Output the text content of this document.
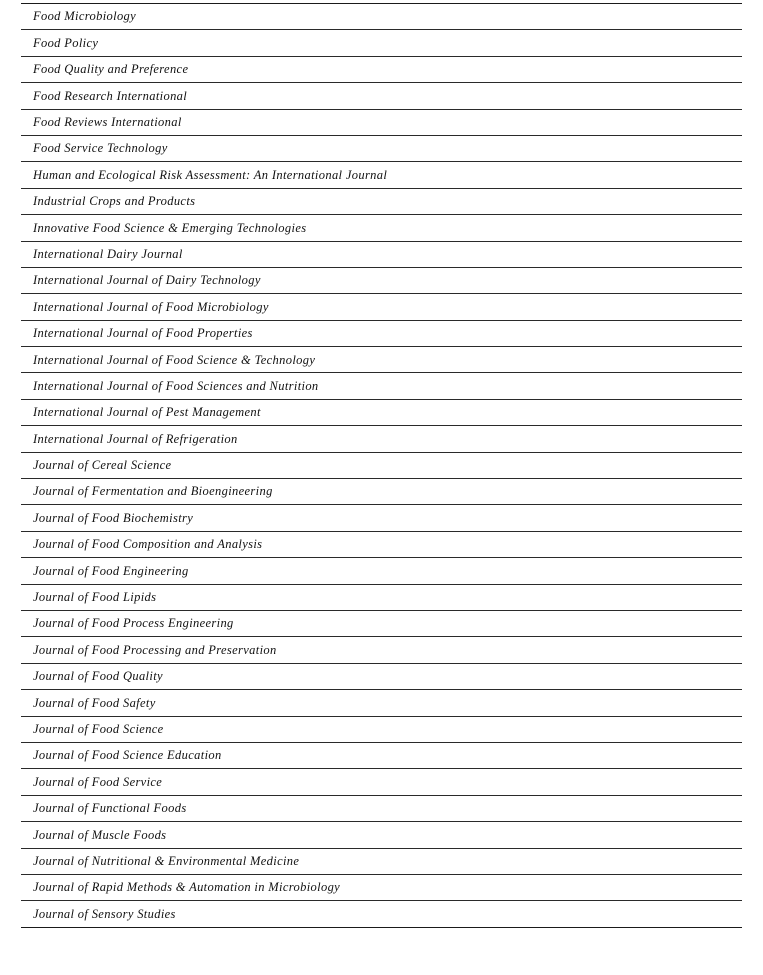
Food Microbiology
Food Policy
Food Quality and Preference
Food Research International
Food Reviews International
Food Service Technology
Human and Ecological Risk Assessment: An International Journal
Industrial Crops and Products
Innovative Food Science & Emerging Technologies
International Dairy Journal
International Journal of Dairy Technology
International Journal of Food Microbiology
International Journal of Food Properties
International Journal of Food Science & Technology
International Journal of Food Sciences and Nutrition
International Journal of Pest Management
International Journal of Refrigeration
Journal of Cereal Science
Journal of Fermentation and Bioengineering
Journal of Food Biochemistry
Journal of Food Composition and Analysis
Journal of Food Engineering
Journal of Food Lipids
Journal of Food Process Engineering
Journal of Food Processing and Preservation
Journal of Food Quality
Journal of Food Safety
Journal of Food Science
Journal of Food Science Education
Journal of Food Service
Journal of Functional Foods
Journal of Muscle Foods
Journal of Nutritional & Environmental Medicine
Journal of Rapid Methods & Automation in Microbiology
Journal of Sensory Studies
